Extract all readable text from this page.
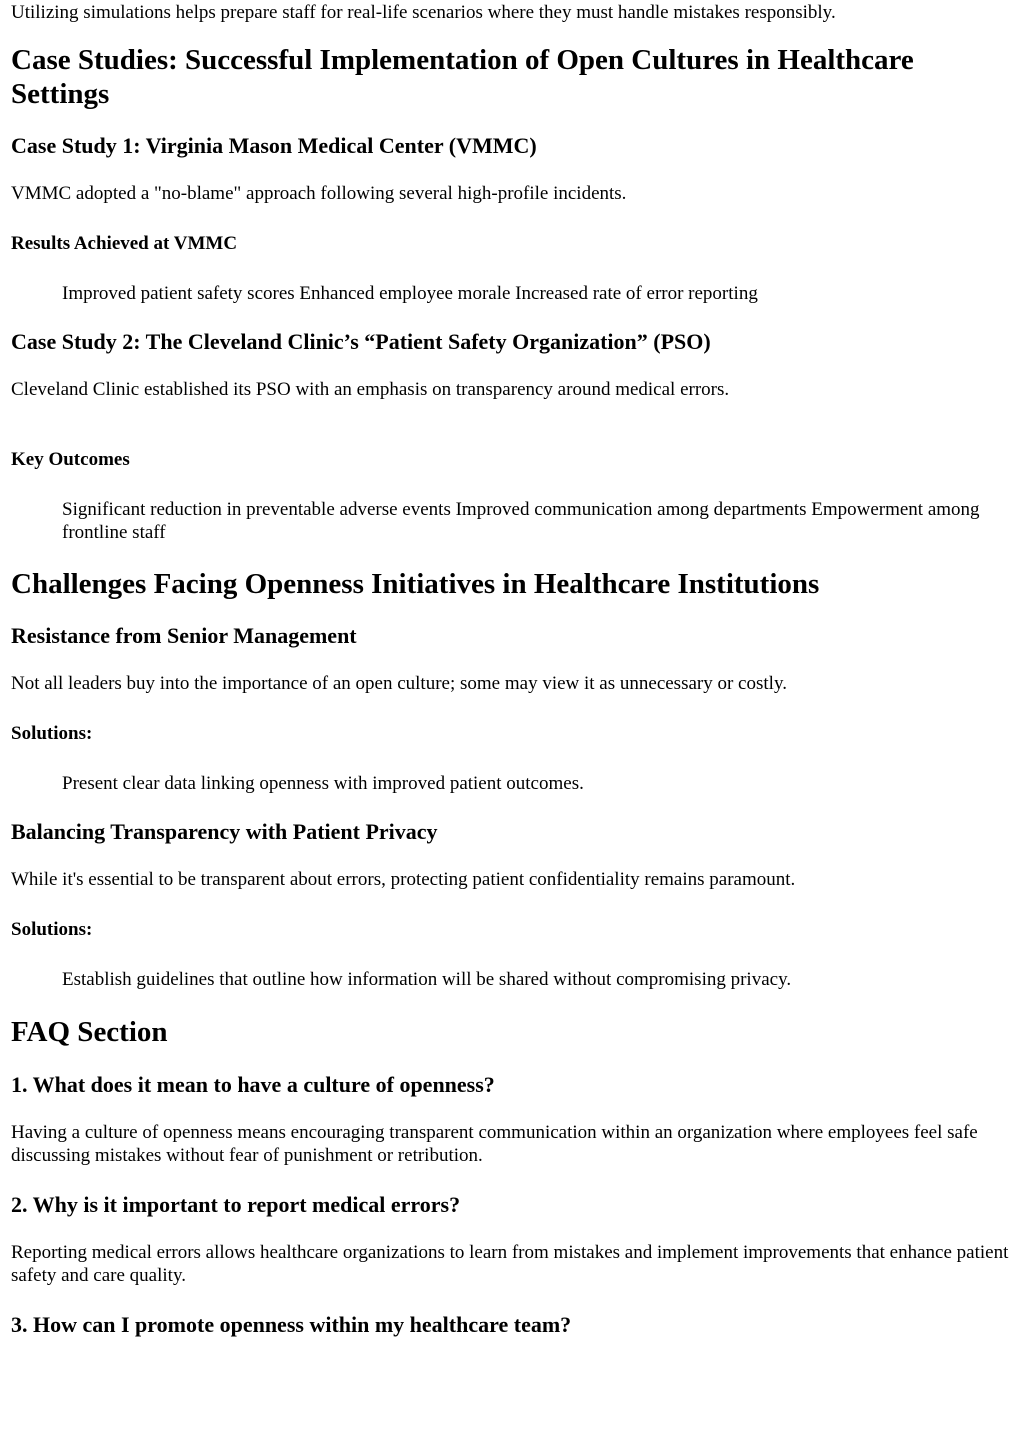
Utilizing simulations helps prepare staff for real-life scenarios where they must handle mistakes responsibly.

Case Studies: Successful Implementation of Open Cultures in Healthcare Settings
Case Study 1: Virginia Mason Medical Center (VMMC)

VMMC adopted a "no-blame" approach following several high-profile incidents.

Results Achieved at VMMC

Improved patient safety scores Enhanced employee morale Increased rate of error reporting

Case Study 2: The Cleveland Clinic’s “Patient Safety Organization” (PSO)

Cleveland Clinic established its PSO with an emphasis on transparency around medical errors.

Key Outcomes

Significant reduction in preventable adverse events Improved communication among departments Empowerment among frontline staff

Challenges Facing Openness Initiatives in Healthcare Institutions
Resistance from Senior Management

Not all leaders buy into the importance of an open culture; some may view it as unnecessary or costly.

Solutions:

Present clear data linking openness with improved patient outcomes.

Balancing Transparency with Patient Privacy

While it's essential to be transparent about errors, protecting patient confidentiality remains paramount.

Solutions:

Establish guidelines that outline how information will be shared without compromising privacy.

FAQ Section
1. What does it mean to have a culture of openness?

Having a culture of openness means encouraging transparent communication within an organization where employees feel safe discussing mistakes without fear of punishment or retribution.

2. Why is it important to report medical errors?

Reporting medical errors allows healthcare organizations to learn from mistakes and implement improvements that enhance patient safety and care quality.

3. How can I promote openness within my healthcare team?
